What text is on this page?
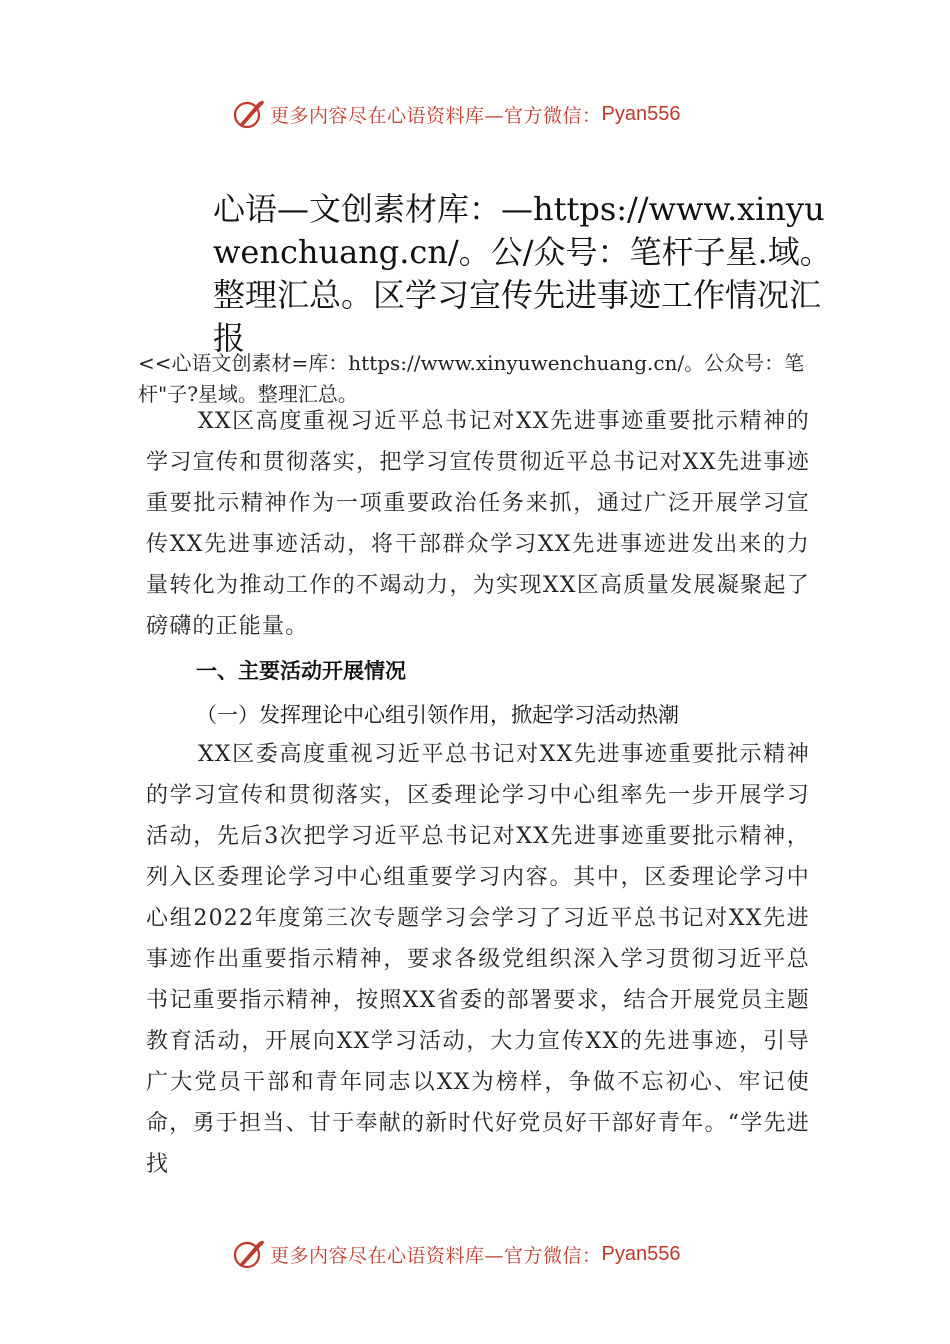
更多内容尽在心语资料库—官方微信： Pyan556
心语—文创素材库：—https://www.xinyuwenchuang.cn/。公/众号：笔杆子星.域。整理汇总。区学习宣传先进事迹工作情况汇报
<<心语文创素材=库：https://www.xinyuwenchuang.cn/。公众号：笔杆"子?星域。整理汇总。

XX区高度重视习近平总书记对XX先进事迹重要批示精神的学习宣传和贯彻落实，把学习宣传贯彻近平总书记对XX先进事迹重要批示精神作为一项重要政治任务来抓，通过广泛开展学习宣传XX先进事迹活动，将干部群众学习XX先进事迹进发出来的力量转化为推动工作的不竭动力，为实现XX区高质量发展凝聚起了磅礴的正能量。

一、主要活动开展情况
（一）发挥理论中心组引领作用，掀起学习活动热潮

XX区委高度重视习近平总书记对XX先进事迹重要批示精神的学习宣传和贯彻落实，区委理论学习中心组率先一步开展学习活动，先后3次把学习近平总书记对XX先进事迹重要批示精神，列入区委理论学习中心组重要学习内容。其中，区委理论学习中心组2022年度第三次专题学习会学习了习近平总书记对XX先进事迹作出重要指示精神，要求各级党组织深入学习贯彻习近平总书记重要指示精神，按照XX省委的部署要求，结合开展党员主题教育活动，开展向XX学习活动，大力宣传XX的先进事迹，引导广大党员干部和青年同志以XX为榜样，争做不忘初心、牢记使命，勇于担当、甘于奉献的新时代好党员好干部好青年。“学先进找

更多内容尽在心语资料库—官方微信： Pyan556
